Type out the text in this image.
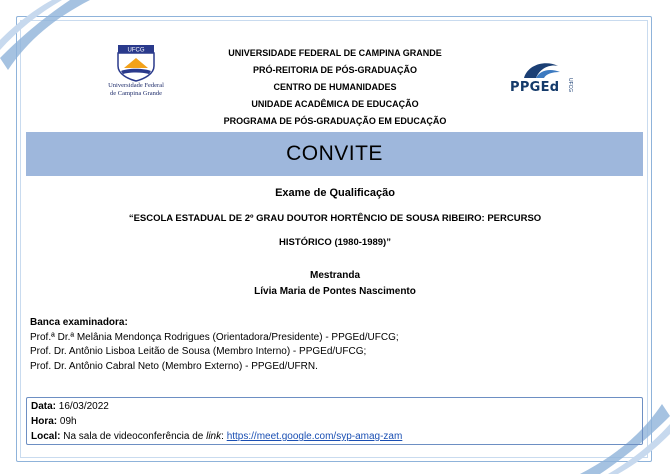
UFCG
Universidade Federal
de Campina Grande
UFCG
PPGEd
UNIVERSIDADE FEDERAL DE CAMPINA GRANDE
PRÓ-REITORIA DE PÓS-GRADUAÇÃO
CENTRO DE HUMANIDADES
UNIDADE ACADÊMICA DE EDUCAÇÃO
PROGRAMA DE PÓS-GRADUAÇÃO EM EDUCAÇÃO
CONVITE
Exame de Qualificação
“ESCOLA ESTADUAL DE 2º GRAU DOUTOR HORTÊNCIO DE SOUSA RIBEIRO: PERCURSO
HISTÓRICO (1980-1989)”
Mestranda
Lívia Maria de Pontes Nascimento
Banca examinadora:
Prof.ª Dr.ª Melânia Mendonça Rodrigues (Orientadora/Presidente) - PPGEd/UFCG;
Prof. Dr. Antônio Lisboa Leitão de Sousa (Membro Interno) - PPGEd/UFCG;
Prof. Dr. Antônio Cabral Neto (Membro Externo) - PPGEd/UFRN.
Data: 16/03/2022
Hora: 09h
Local: Na sala de videoconferência de link: https://meet.google.com/syp-amag-zam
